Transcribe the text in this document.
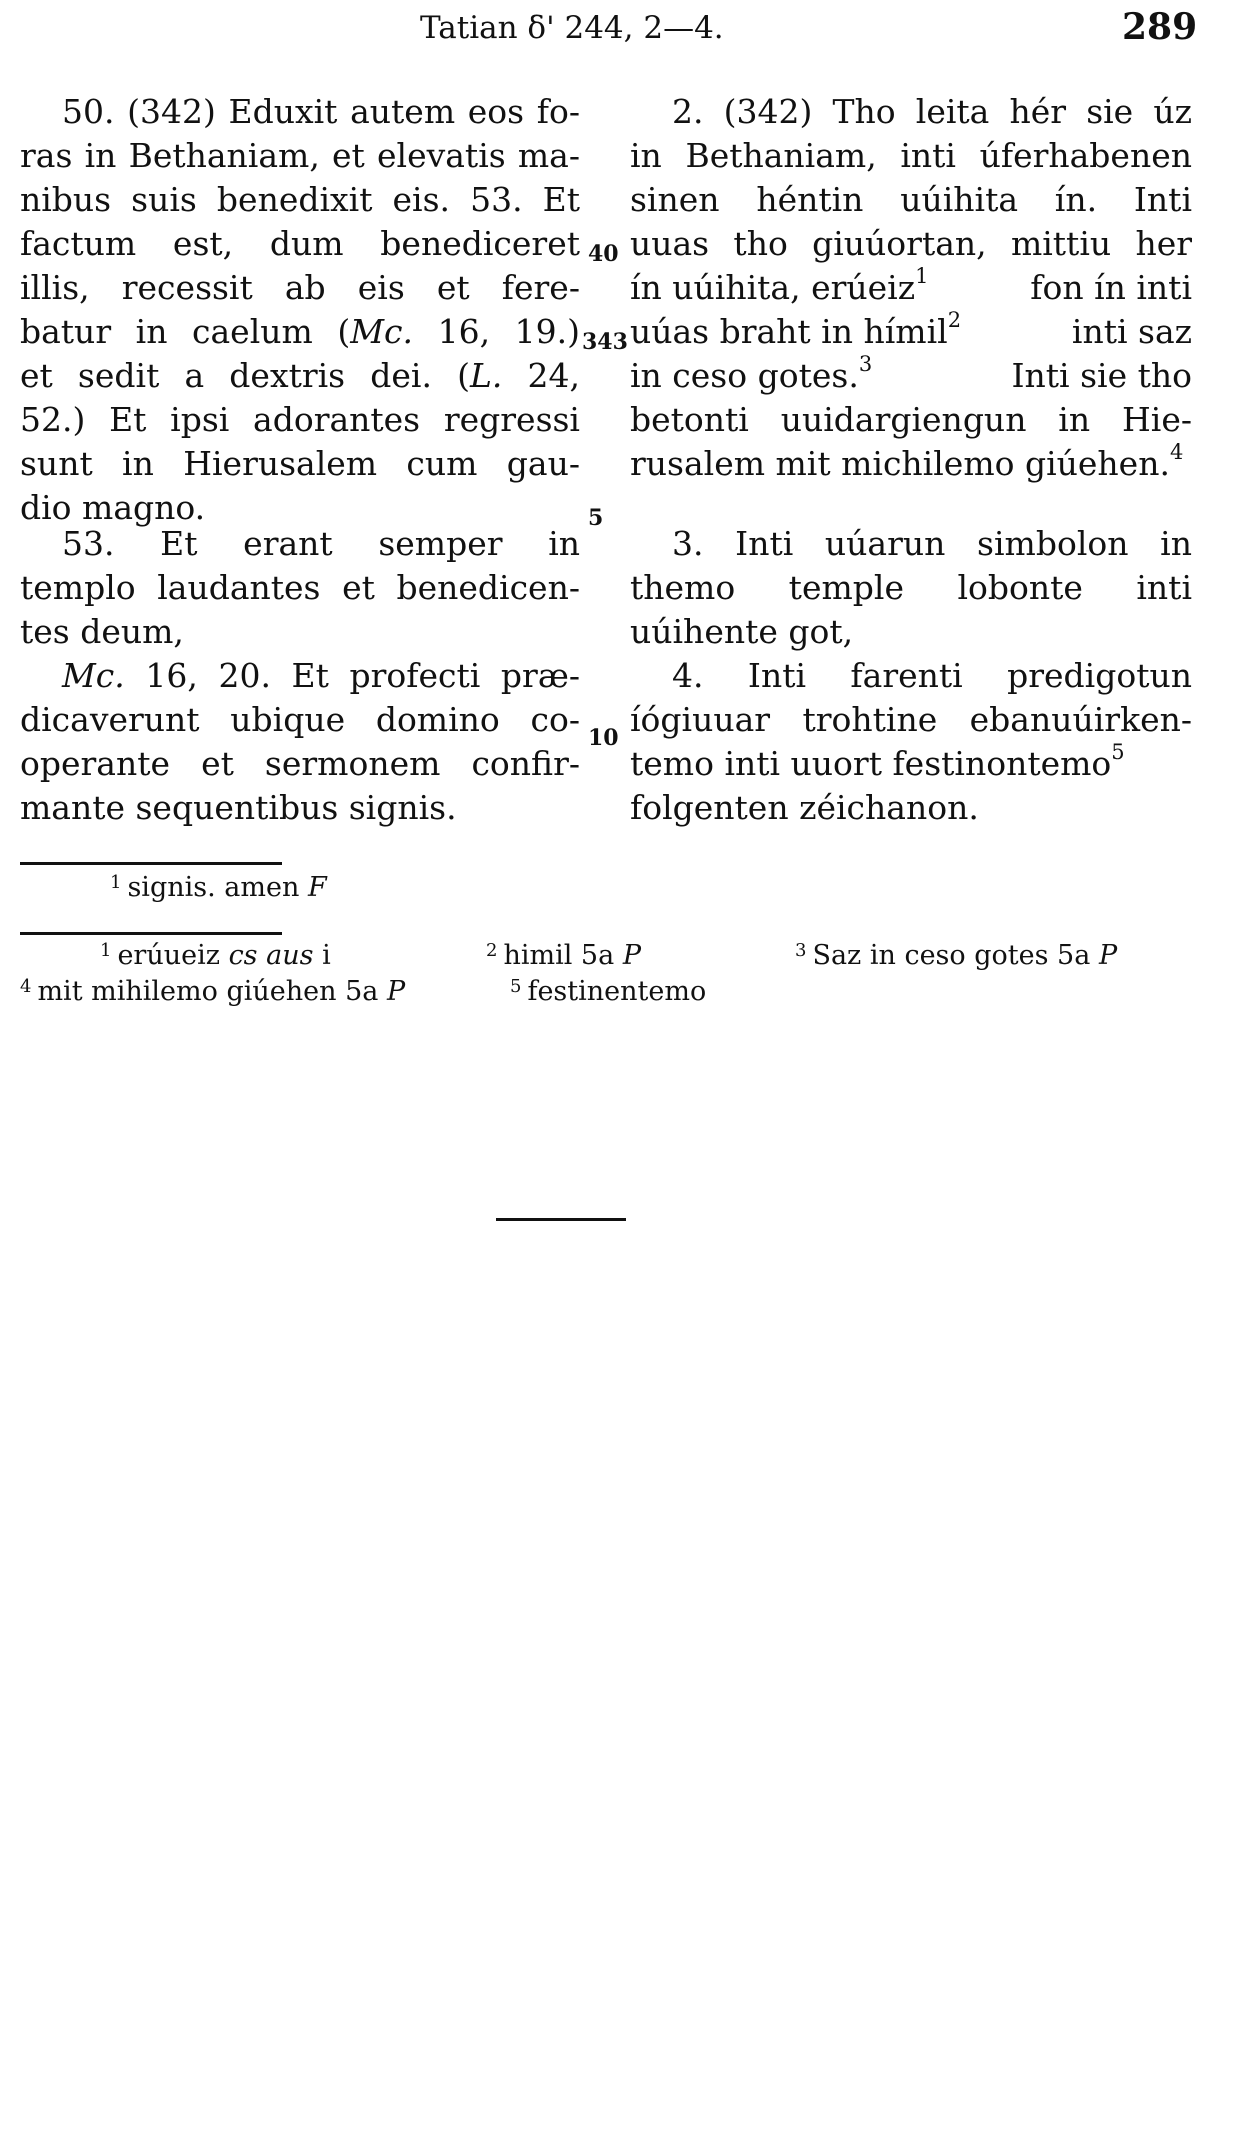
Tatian δ' 244, 2—4.	289
50. (342) Eduxit autem eos fo-
ras in Bethaniam, et elevatis ma-
nibus suis benedixit eis. 53. Et
factum est, dum benediceret
illis, recessit ab eis et fere-
batur in caelum (Mc. 16, 19.)
et sedit a dextris dei. (L. 24,
52.) Et ipsi adorantes regressi
sunt in Hierusalem cum gau-
dio magno.
53. Et erant semper in
templo laudantes et benedicen-
tes deum,
Mc. 16, 20. Et profecti præ-
dicaverunt ubique domino co-
operante et sermonem confir-
mante sequentibus signis.
40
343
5
10
2. (342) Tho leita hér sie úz
in Bethaniam, inti úferhabenen
sinen héntin uúihita ín. Inti
uuas tho giuúortan, mittiu her
ín uúihita, erúeiz$^1$	fon ín inti
uúas braht in hímil$^2$	inti saz
in ceso gotes.$^3$	Inti sie tho
betonti uuidargiengun in Hie-
rusalem mit michilemo giúehen.$^4$
3. Inti uúarun simbolon in
themo temple lobonte inti
uúihente got,
4. Inti farenti predigotun
íógiuuar trohtine ebanuúirken-
temo inti uuort festinontemo$^5$
folgenten zéichanon.
$^1$ signis. amen F
$^1$ erúueiz cs aus i	$^2$ himil 5a P	$^3$ Saz in ceso gotes 5a P
$^4$ mit mihilemo giúehen 5a P	$^5$ festinentemo
